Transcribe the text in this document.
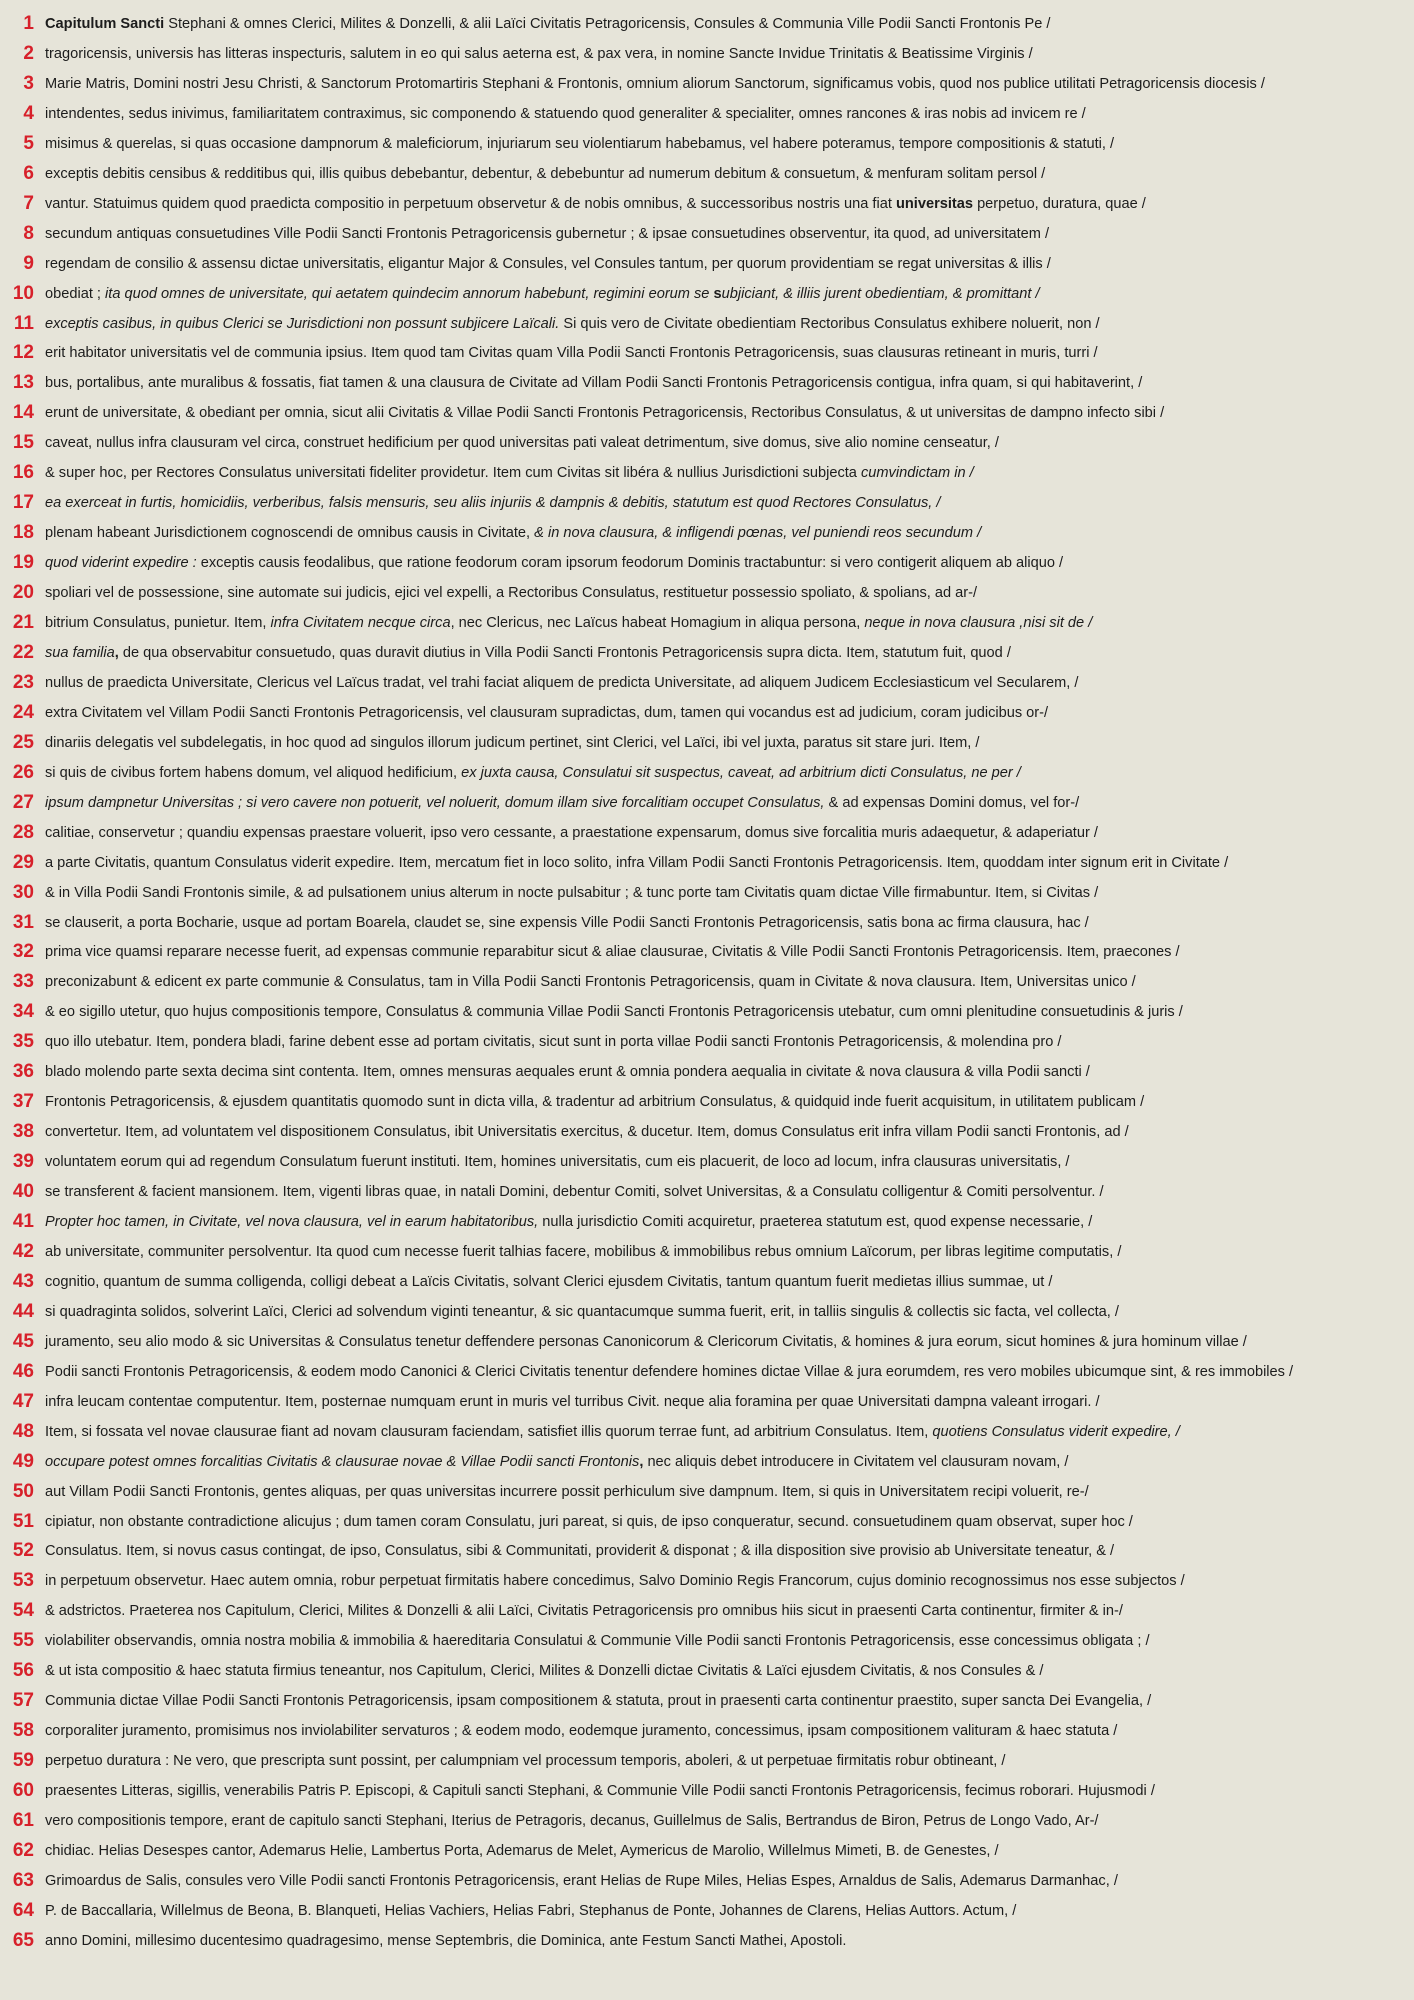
1 Capitulum Sancti Stephani & omnes Clerici, Milites & Donzelli, & alii Laïci Civitatis Petragoricensis, Consules & Communia Ville Podii Sancti Frontonis Pe /
2 tragoricensis, universis has litteras inspecturis, salutem in eo qui salus aeterna est, & pax vera, in nomine Sancte Invidue Trinitatis & Beatissime Virginis /
3 Marie Matris, Domini nostri Jesu Christi, & Sanctorum Protomartiris Stephani & Frontonis, omnium aliorum Sanctorum, significamus vobis, quod nos publice utilitati Petragoricensis diocesis /
4 intendentes, sedus inivimus, familiaritatem contraximus, sic componendo & statuendo quod generaliter & specialiter, omnes rancones & iras nobis ad invicem re /
5 misimus & querelas, si quas occasione dampnorum & maleficiorum, injuriarum seu violentiarum habebamus, vel habere poteramus, tempore compositionis & statuti, /
6 exceptis debitis censibus & redditibus qui, illis quibus debebantur, debentur, & debebuntur ad numerum debitum & consuetum, & menfuram solitam persol /
7 vantur. Statuimus quidem quod praedicta compositio in perpetuum observetur & de nobis omnibus, & successoribus nostris una fiat universitas perpetuo, duratura, quae /
8 secundum antiquas consuetudines Ville Podii Sancti Frontonis Petragoricensis gubernetur ; & ipsae consuetudines observentur, ita quod, ad universitatem /
9 regendam de consilio & assensu dictae universitatis, eligantur Major & Consules, vel Consules tantum, per quorum providentiam se regat universitas & illis /
10 obediat ; ita quod omnes de universitate, qui aetatem quindecim annorum habebunt, regimini eorum se subjiciant, & illiis jurent obedientiam, & promittant /
11 exceptis casibus, in quibus Clerici se Jurisdictioni non possunt subjicere Laïcali. Si quis vero de Civitate obedientiam Rectoribus Consulatus exhibere noluerit, non /
12 erit habitator universitatis vel de communia ipsius. Item quod tam Civitas quam Villa Podii Sancti Frontonis Petragoricensis, suas clausuras retineant in muris, turri /
13 bus, portalibus, ante muralibus & fossatis, fiat tamen & una clausura de Civitate ad Villam Podii Sancti Frontonis Petragoricensis contigua, infra quam, si qui habitaverint, /
14 erunt de universitate, & obediant per omnia, sicut alii Civitatis & Villae Podii Sancti Frontonis Petragoricensis, Rectoribus Consulatus, & ut universitas de dampno infecto sibi /
15 caveat, nullus infra clausuram vel circa, construet hedificium per quod universitas pati valeat detrimentum, sive domus, sive alio nomine censeatur, /
16 & super hoc, per Rectores Consulatus universitati fideliter providetur. Item cum Civitas sit libéra & nullius Jurisdictioni subjecta cumvindictam in /
17 ea exerceat in furtis, homicidiis, verberibus, falsis mensuris, seu aliis injuriis & dampnis & debitis, statutum est quod Rectores Consulatus, /
18 plenam habeant Jurisdictionem cognoscendi de omnibus causis in Civitate, & in nova clausura, & infligendi pœnas, vel puniendi reos secundum /
19 quod viderint expedire : exceptis causis feodalibus, que ratione feodorum coram ipsorum feodorum Dominis tractabuntur: si vero contigerit aliquem ab aliquo /
20 spoliari vel de possessione, sine automate sui judicis, ejici vel expelli, a Rectoribus Consulatus, restituetur possessio spoliato, & spolians, ad ar-/
21 bitrium Consulatus, punietur. Item, infra Civitatem necque circa, nec Clericus, nec Laïcus habeat Homagium in aliqua persona, neque in nova clausura ,nisi sit de /
22 sua familia, de qua observabitur consuetudo, quas duravit diutius in Villa Podii Sancti Frontonis Petragoricensis supra dicta. Item, statutum fuit, quod /
23 nullus de praedicta Universitate, Clericus vel Laïcus tradat, vel trahi faciat aliquem de predicta Universitate, ad aliquem Judicem Ecclesiasticum vel Secularem, /
24 extra Civitatem vel Villam Podii Sancti Frontonis Petragoricensis, vel clausuram supradictas, dum, tamen qui vocandus est ad judicium, coram judicibus or-/
25 dinariis delegatis vel subdelegatis, in hoc quod ad singulos illorum judicum pertinet, sint Clerici, vel Laïci, ibi vel juxta, paratus sit stare juri. Item, /
26 si quis de civibus fortem habens domum, vel aliquod hedificium, ex juxta causa, Consulatui sit suspectus, caveat, ad arbitrium dicti Consulatus, ne per /
27 ipsum dampnetur Universitas ; si vero cavere non potuerit, vel noluerit, domum illam sive forcalitiam occupet Consulatus, & ad expensas Domini domus, vel for-/
28 calitiae, conservetur ; quandiu expensas praestare voluerit, ipso vero cessante, a praestatione expensarum, domus sive forcalitia muris adaequetur, & adaperiatur /
29 a parte Civitatis, quantum Consulatus viderit expedire. Item, mercatum fiet in loco solito, infra Villam Podii Sancti Frontonis Petragoricensis. Item, quoddam inter signum erit in Civitate /
30 & in Villa Podii Sandi Frontonis simile, & ad pulsationem unius alterum in nocte pulsabitur ; & tunc porte tam Civitatis quam dictae Ville firmabuntur. Item, si Civitas /
31 se clauserit, a porta Bocharie, usque ad portam Boarela, claudet se, sine expensis Ville Podii Sancti Frontonis Petragoricensis, satis bona ac firma clausura, hac /
32 prima vice quamsi reparare necesse fuerit, ad expensas communie reparabitur sicut & aliae clausurae, Civitatis & Ville Podii Sancti Frontonis Petragoricensis. Item, praecones /
33 preconizabunt & edicent ex parte communie & Consulatus, tam in Villa Podii Sancti Frontonis Petragoricensis, quam in Civitate & nova clausura. Item, Universitas unico /
34 & eo sigillo utetur, quo hujus compositionis tempore, Consulatus & communia Villae Podii Sancti Frontonis Petragoricensis utebatur, cum omni plenitudine consuetudinis & juris /
35 quo illo utebatur. Item, pondera bladi, farine debent esse ad portam civitatis, sicut sunt in porta villae Podii sancti Frontonis Petragoricensis, & molendina pro /
36 blado molendo parte sexta decima sint contenta. Item, omnes mensuras aequales erunt & omnia pondera aequalia in civitate & nova clausura & villa Podii sancti /
37 Frontonis Petragoricensis, & ejusdem quantitatis quomodo sunt in dicta villa, & tradentur ad arbitrium Consulatus, & quidquid inde fuerit acquisitum, in utilitatem publicam /
38 convertetur. Item, ad voluntatem vel dispositionem Consulatus, ibit Universitatis exercitus, & ducetur. Item, domus Consulatus erit infra villam Podii sancti Frontonis, ad /
39 voluntatem eorum qui ad regendum Consulatum fuerunt instituti. Item, homines universitatis, cum eis placuerit, de loco ad locum, infra clausuras universitatis, /
40 se transferent & facient mansionem. Item, vigenti libras quae, in natali Domini, debentur Comiti, solvet Universitas, & a Consulatu colligentur & Comiti persolventur. /
41 Propter hoc tamen, in Civitate, vel nova clausura, vel in earum habitatoribus, nulla jurisdictio Comiti acquiretur, praeterea statutum est, quod expense necessarie, /
42 ab universitate, communiter persolventur. Ita quod cum necesse fuerit talhias facere, mobilibus & immobilibus rebus omnium Laïcorum, per libras legitime computatis, /
43 cognitio, quantum de summa colligenda, colligi debeat a Laïcis Civitatis, solvant Clerici ejusdem Civitatis, tantum quantum fuerit medietas illius summae, ut /
44 si quadraginta solidos, solverint Laïci, Clerici ad solvendum viginti teneantur, & sic quantacumque summa fuerit, erit, in talliis singulis & collectis sic facta, vel collecta, /
45 juramento, seu alio modo & sic Universitas & Consulatus tenetur deffendere personas Canonicorum & Clericorum Civitatis, & homines & jura eorum, sicut homines & jura hominum villae /
46 Podii sancti Frontonis Petragoricensis, & eodem modo Canonici & Clerici Civitatis tenentur defendere homines dictae Villae & jura eorumdem, res vero mobiles ubicumque sint, & res immobiles /
47 infra leucam contentae computentur. Item, posternae numquam erunt in muris vel turribus Civit. neque alia foramina per quae Universitati dampna valeant irrogari. /
48 Item, si fossata vel novae clausurae fiant ad novam clausuram faciendam, satisfiet illis quorum terrae funt, ad arbitrium Consulatus. Item, quotiens Consulatus viderit expedire, /
49 occupare potest omnes forcalitias Civitatis & clausurae novae & Villae Podii sancti Frontonis, nec aliquis debet introducere in Civitatem vel clausuram novam, /
50 aut Villam Podii Sancti Frontonis, gentes aliquas, per quas universitas incurrere possit perhiculum sive dampnum. Item, si quis in Universitatem recipi voluerit, re-/
51 cipiatur, non obstante contradictione alicujus ; dum tamen coram Consulatu, juri pareat, si quis, de ipso conqueratur, secund. consuetudinem quam observat, super hoc /
52 Consulatus. Item, si novus casus contingat, de ipso, Consulatus, sibi & Communitati, providerit & disponat ; & illa disposition sive provisio ab Universitate teneatur, & /
53 in perpetuum observetur. Haec autem omnia, robur perpetuat firmitatis habere concedimus, Salvo Dominio Regis Francorum, cujus dominio recognossimus nos esse subjectos /
54 & adstrictos. Praeterea nos Capitulum, Clerici, Milites & Donzelli & alii Laïci, Civitatis Petragoricensis pro omnibus hiis sicut in praesenti Carta continentur, firmiter & in-/
55 violabiliter observandis, omnia nostra mobilia & immobilia & haereditaria Consulatui & Communie Ville Podii sancti Frontonis Petragoricensis, esse concessimus obligata ; /
56 & ut ista compositio & haec statuta firmius teneantur, nos Capitulum, Clerici, Milites & Donzelli dictae Civitatis & Laïci ejusdem Civitatis, & nos Consules & /
57 Communia dictae Villae Podii Sancti Frontonis Petragoricensis, ipsam compositionem & statuta, prout in praesenti carta continentur praestito, super sancta Dei Evangelia, /
58 corporaliter juramento, promisimus nos inviolabiliter servaturos ; & eodem modo, eodemque juramento, concessimus, ipsam compositionem valituram & haec statuta /
59 perpetuo duratura : Ne vero, que prescripta sunt possint, per calumpniam vel processum temporis, aboleri, & ut perpetuae firmitatis robur obtineant, /
60 praesentes Litteras, sigillis, venerabilis Patris P. Episcopi, & Capituli sancti Stephani, & Communie Ville Podii sancti Frontonis Petragoricensis, fecimus roborari. Hujusmodi /
61 vero compositionis tempore, erant de capitulo sancti Stephani, Iterius de Petragoris, decanus, Guillelmus de Salis, Bertrandus de Biron, Petrus de Longo Vado, Ar-/
62 chidiac. Helias Desespes cantor, Ademarus Helie, Lambertus Porta, Ademarus de Melet, Aymericus de Marolio, Willelmus Mimeti, B. de Genestes, /
63 Grimoardus de Salis, consules vero Ville Podii sancti Frontonis Petragoricensis, erant Helias de Rupe Miles, Helias Espes, Arnaldus de Salis, Ademarus Darmanhac, /
64 P. de Baccallaria, Willelmus de Beona, B. Blanqueti, Helias Vachiers, Helias Fabri, Stephanus de Ponte, Johannes de Clarens, Helias Auttors. Actum, /
65 anno Domini, millesimo ducentesimo quadragesimo, mense Septembris, die Dominica, ante Festum Sancti Mathei, Apostoli.
